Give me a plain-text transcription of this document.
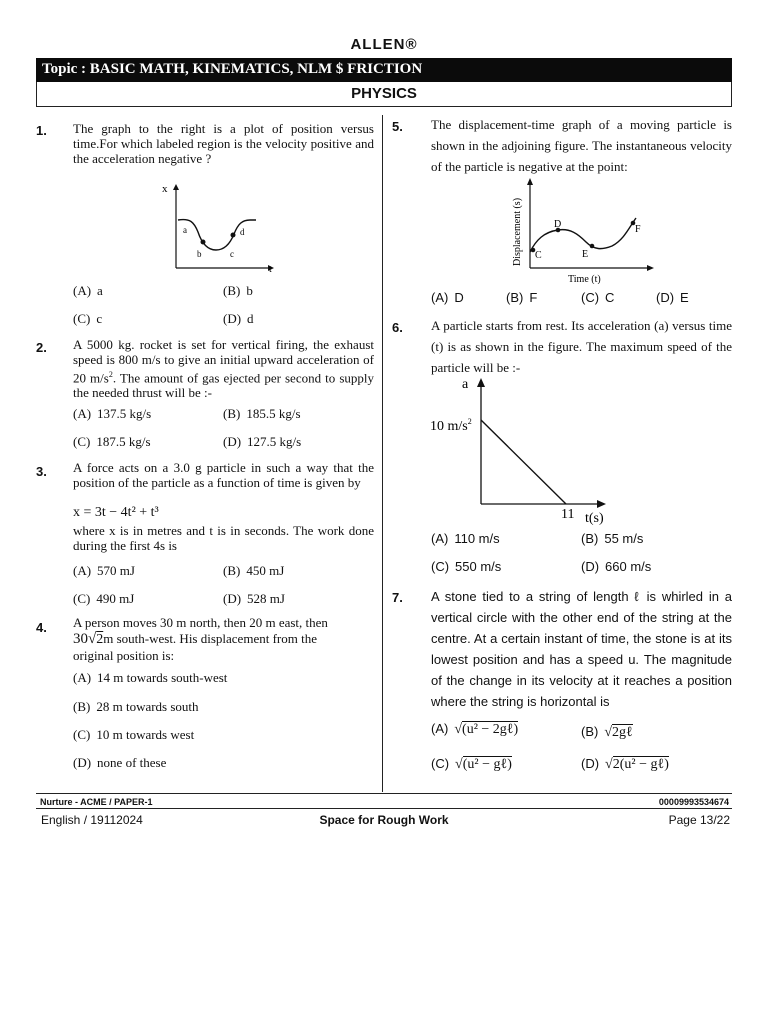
ALLEN®
Topic : BASIC MATH, KINEMATICS, NLM $ FRICTION
PHYSICS
1. The graph to the right is a plot of position versus time.For which labeled region is the velocity positive and the acceleration negative ?
x
t
a
b	c
d
(A) a	(B) b
(C) c	(D) d
2. A 5000 kg. rocket is set for vertical firing, the exhaust speed is 800 m/s to give an initial upward acceleration of 20 $m/s^2$. The amount of gas ejected per second to supply the needed thrust will be :-
(A) 137.5 kg/s	(B) 185.5 kg/s
(C) 187.5 kg/s	(D) 127.5 kg/s
3. A force acts on a 3.0 g particle in such a way that the position of the particle as a function of time is given by
x = 3t − 4t² + t³
where x is in metres and t is in seconds. The work done during the first 4s is
(A) 570 mJ	(B) 450 mJ
(C) 490 mJ	(D) 528 mJ
4. A person moves 30 m north, then 20 m east, then
30√2m south-west. His displacement from the
original position is:
(A) 14 m towards south-west
(B) 28 m towards south
(C) 10 m towards west
(D) none of these
5. The displacement-time graph of a moving particle is shown in the adjoining figure. The instantaneous velocity of the particle is negative at the point:
Displacement (s)
Time (t)
C
D
E
F
(A) D	(B) F	(C) C	(D) E
6. A particle starts from rest. Its acceleration (a) versus time (t) is as shown in the figure. The maximum speed of the particle will be :-
a
10 $m/s^2$
11 t(s)
(A) 110 m/s	(B) 55 m/s
(C) 550 m/s	(D) 660 m/s
7. A stone tied to a string of length ℓ is whirled in a vertical circle with the other end of the string at the centre. At a certain instant of time, the stone is at its lowest position and has a speed u. The magnitude of the change in its velocity at it reaches a position where the string is horizontal is
(A) √(u² − 2gℓ)	(B) √2gℓ
(C) √(u² − gℓ)	(D) √2(u² − gℓ)
Nurture - ACME / PAPER-1	00009993534674
English / 19112024	Space for Rough Work	Page 13/22
